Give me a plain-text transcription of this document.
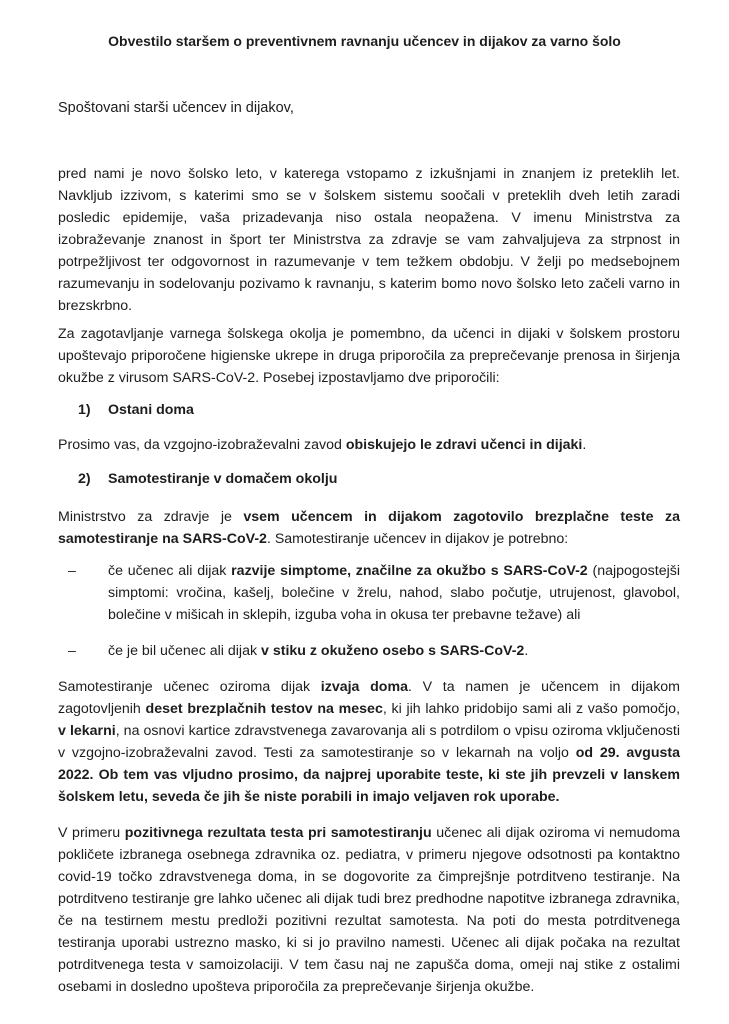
Obvestilo staršem o preventivnem ravnanju učencev in dijakov za varno šolo
Spoštovani starši učencev in dijakov,
pred nami je novo šolsko leto, v katerega vstopamo z izkušnjami in znanjem iz preteklih let. Navkljub izzivom, s katerimi smo se v šolskem sistemu soočali v preteklih dveh letih zaradi posledic epidemije, vaša prizadevanja niso ostala neopažena. V imenu Ministrstva za izobraževanje znanost in šport ter Ministrstva za zdravje se vam zahvaljujeva za strpnost in potrpežljivost ter odgovornost in razumevanje v tem težkem obdobju. V želji po medsebojnem razumevanju in sodelovanju pozivamo k ravnanju, s katerim bomo novo šolsko leto začeli varno in brezskrbno.
Za zagotavljanje varnega šolskega okolja je pomembno, da učenci in dijaki v šolskem prostoru upoštevajo priporočene higienske ukrepe in druga priporočila za preprečevanje prenosa in širjenja okužbe z virusom SARS-CoV-2. Posebej izpostavljamo dve priporočili:
1) Ostani doma
Prosimo vas, da vzgojno-izobraževalni zavod obiskujejo le zdravi učenci in dijaki.
2) Samotestiranje v domačem okolju
Ministrstvo za zdravje je vsem učencem in dijakom zagotovilo brezplačne teste za samotestiranje na SARS-CoV-2. Samotestiranje učencev in dijakov je potrebno:
– če učenec ali dijak razvije simptome, značilne za okužbo s SARS-CoV-2 (najpogostejši simptomi: vročina, kašelj, bolečine v žrelu, nahod, slabo počutje, utrujenost, glavobol, bolečine v mišicah in sklepih, izguba voha in okusa ter prebavne težave) ali
– če je bil učenec ali dijak v stiku z okuženo osebo s SARS-CoV-2.
Samotestiranje učenec oziroma dijak izvaja doma. V ta namen je učencem in dijakom zagotovljenih deset brezplačnih testov na mesec, ki jih lahko pridobijo sami ali z vašo pomočjo, v lekarni, na osnovi kartice zdravstvenega zavarovanja ali s potrdilom o vpisu oziroma vključenosti v vzgojno-izobraževalni zavod. Testi za samotestiranje so v lekarnah na voljo od 29. avgusta 2022. Ob tem vas vljudno prosimo, da najprej uporabite teste, ki ste jih prevzeli v lanskem šolskem letu, seveda če jih še niste porabili in imajo veljaven rok uporabe.
V primeru pozitivnega rezultata testa pri samotestiranju učenec ali dijak oziroma vi nemudoma pokličete izbranega osebnega zdravnika oz. pediatra, v primeru njegove odsotnosti pa kontaktno covid-19 točko zdravstvenega doma, in se dogovorite za čimprejšnje potrditveno testiranje. Na potrditveno testiranje gre lahko učenec ali dijak tudi brez predhodne napotitve izbranega zdravnika, če na testirnem mestu predloži pozitivni rezultat samotesta. Na poti do mesta potrditvenega testiranja uporabi ustrezno masko, ki si jo pravilno namesti. Učenec ali dijak počaka na rezultat potrditvenega testa v samoizolaciji. V tem času naj ne zapušča doma, omeji naj stike z ostalimi osebami in dosledno upošteva priporočila za preprečevanje širjenja okužbe.
